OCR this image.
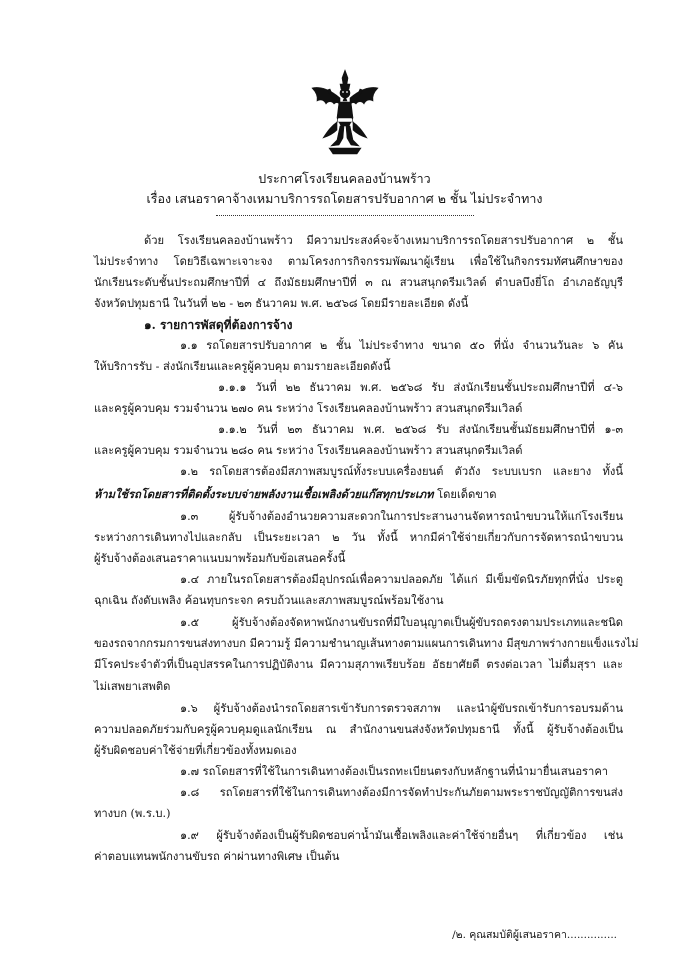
ประกาศโรงเรียนคลองบ้านพร้าว
เรื่อง เสนอราคาจ้างเหมาบริการรถโดยสารปรับอากาศ ๒ ชั้น ไม่ประจำทาง
ด้วย โรงเรียนคลองบ้านพร้าว มีความประสงค์จะจ้างเหมาบริการรถโดยสารปรับอากาศ ๒ ชั้น
ไม่ประจำทาง โดยวิธีเฉพาะเจาะจง ตามโครงการกิจกรรมพัฒนาผู้เรียน เพื่อใช้ในกิจกรรมทัศนศึกษาของ
นักเรียนระดับชั้นประถมศึกษาปีที่ ๔ ถึงมัธยมศึกษาปีที่ ๓ ณ สวนสนุกดรีมเวิลด์ ตำบลบึงยี่โถ อำเภอธัญบุรี
จังหวัดปทุมธานี ในวันที่ ๒๒ - ๒๓ ธันวาคม พ.ศ. ๒๕๖๘ โดยมีรายละเอียด ดังนี้
๑. รายการพัสดุที่ต้องการจ้าง
๑.๑ รถโดยสารปรับอากาศ ๒ ชั้น ไม่ประจำทาง ขนาด ๕๐ ที่นั่ง จำนวนวันละ ๖ คัน
ให้บริการรับ - ส่งนักเรียนและครูผู้ควบคุม ตามรายละเอียดดังนี้
๑.๑.๑ วันที่ ๒๒ ธันวาคม พ.ศ. ๒๕๖๘ รับ ส่งนักเรียนชั้นประถมศึกษาปีที่ ๔-๖
และครูผู้ควบคุม รวมจำนวน ๒๗๐ คน ระหว่าง โรงเรียนคลองบ้านพร้าว สวนสนุกดรีมเวิลด์
๑.๑.๒ วันที่ ๒๓ ธันวาคม พ.ศ. ๒๕๖๘ รับ ส่งนักเรียนชั้นมัธยมศึกษาปีที่ ๑-๓
และครูผู้ควบคุม รวมจำนวน ๒๘๐ คน ระหว่าง โรงเรียนคลองบ้านพร้าว สวนสนุกดรีมเวิลด์
๑.๒ รถโดยสารต้องมีสภาพสมบูรณ์ทั้งระบบเครื่องยนต์ ตัวถัง ระบบเบรก และยาง ทั้งนี้
ห้ามใช้รถโดยสารที่ติดตั้งระบบจ่ายพลังงานเชื้อเพลิงด้วยแก๊สทุกประเภท โดยเด็ดขาด
๑.๓ ผู้รับจ้างต้องอำนวยความสะดวกในการประสานงานจัดหารถนำขบวนให้แก่โรงเรียน
ระหว่างการเดินทางไปและกลับ เป็นระยะเวลา ๒ วัน ทั้งนี้ หากมีค่าใช้จ่ายเกี่ยวกับการจัดหารถนำขบวน
ผู้รับจ้างต้องเสนอราคาแนบมาพร้อมกับข้อเสนอครั้งนี้
๑.๔ ภายในรถโดยสารต้องมีอุปกรณ์เพื่อความปลอดภัย ได้แก่ มีเข็มขัดนิรภัยทุกที่นั่ง ประตู
ฉุกเฉิน ถังดับเพลิง ค้อนทุบกระจก ครบถ้วนและสภาพสมบูรณ์พร้อมใช้งาน
๑.๕ ผู้รับจ้างต้องจัดหาพนักงานขับรถที่มีใบอนุญาตเป็นผู้ขับรถตรงตามประเภทและชนิด
ของรถจากกรมการขนส่งทางบก มีความรู้ มีความชำนาญเส้นทางตามแผนการเดินทาง มีสุขภาพร่างกายแข็งแรงไม่
มีโรคประจำตัวที่เป็นอุปสรรคในการปฏิบัติงาน มีความสุภาพเรียบร้อย อัธยาศัยดี ตรงต่อเวลา ไม่ดื่มสุรา และ
ไม่เสพยาเสพติด
๑.๖ ผู้รับจ้างต้องนำรถโดยสารเข้ารับการตรวจสภาพ และนำผู้ขับรถเข้ารับการอบรมด้าน
ความปลอดภัยร่วมกับครูผู้ควบคุมดูแลนักเรียน ณ สำนักงานขนส่งจังหวัดปทุมธานี ทั้งนี้ ผู้รับจ้างต้องเป็น
ผู้รับผิดชอบค่าใช้จ่ายที่เกี่ยวข้องทั้งหมดเอง
๑.๗ รถโดยสารที่ใช้ในการเดินทางต้องเป็นรถทะเบียนตรงกับหลักฐานที่นำมายื่นเสนอราคา
๑.๘ รถโดยสารที่ใช้ในการเดินทางต้องมีการจัดทำประกันภัยตามพระราชบัญญัติการขนส่ง
ทางบก (พ.ร.บ.)
๑.๙ ผู้รับจ้างต้องเป็นผู้รับผิดชอบค่าน้ำมันเชื้อเพลิงและค่าใช้จ่ายอื่นๆ ที่เกี่ยวข้อง เช่น
ค่าตอบแทนพนักงานขับรถ ค่าผ่านทางพิเศษ เป็นต้น
/๒. คุณสมบัติผู้เสนอราคา...............
